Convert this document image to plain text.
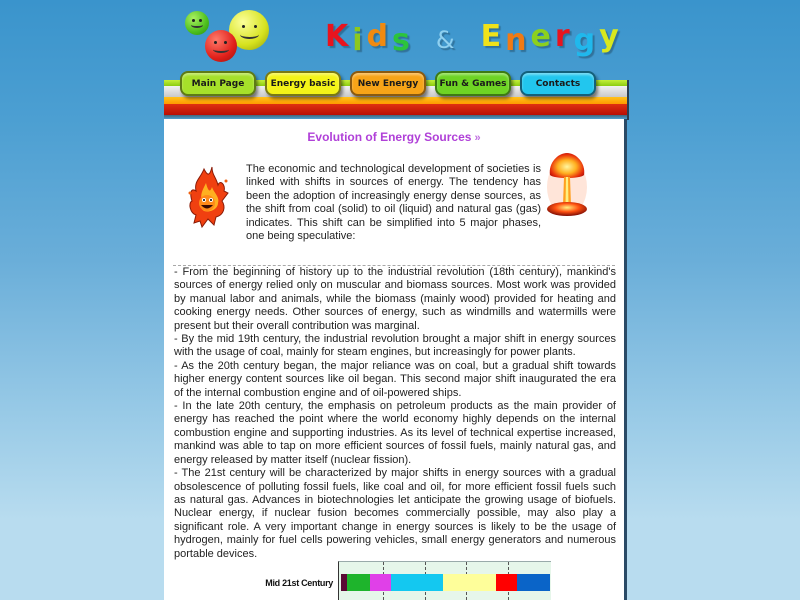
K i d s & E n e r g y
Main Page	Energy basic	New Energy	Fun & Games	Contacts
Evolution of Energy Sources »
The economic and technological development of societies is linked with shifts in sources of energy. The tendency has been the adoption of increasingly energy dense sources, as the shift from coal (solid) to oil (liquid) and natural gas (gas) indicates. This shift can be simplified into 5 major phases, one being speculative:

- From the beginning of history up to the industrial revolution (18th century), mankind's sources of energy relied only on muscular and biomass sources. Most work was provided by manual labor and animals, while the biomass (mainly wood) provided for heating and cooking energy needs. Other sources of energy, such as windmills and watermills were present but their overall contribution was marginal.

- By the mid 19th century, the industrial revolution brought a major shift in energy sources with the usage of coal, mainly for steam engines, but increasingly for power plants.

- As the 20th century began, the major reliance was on coal, but a gradual shift towards higher energy content sources like oil began. This second major shift inaugurated the era of the internal combustion engine and of oil-powered ships.

- In the late 20th century, the emphasis on petroleum products as the main provider of energy has reached the point where the world economy highly depends on the internal combustion engine and supporting industries. As its level of technical expertise increased, mankind was able to tap on more efficient sources of fossil fuels, mainly natural gas, and energy released by matter itself (nuclear fission).

- The 21st century will be characterized by major shifts in energy sources with a gradual obsolescence of polluting fossil fuels, like coal and oil, for more efficient fossil fuels such as natural gas. Advances in biotechnologies let anticipate the growing usage of biofuels. Nuclear energy, if nuclear fusion becomes commercially possible, may also play a significant role. A very important change in energy sources is likely to be the usage of hydrogen, mainly for fuel cells powering vehicles, small energy generators and numerous portable devices.

Mid 21st Century
